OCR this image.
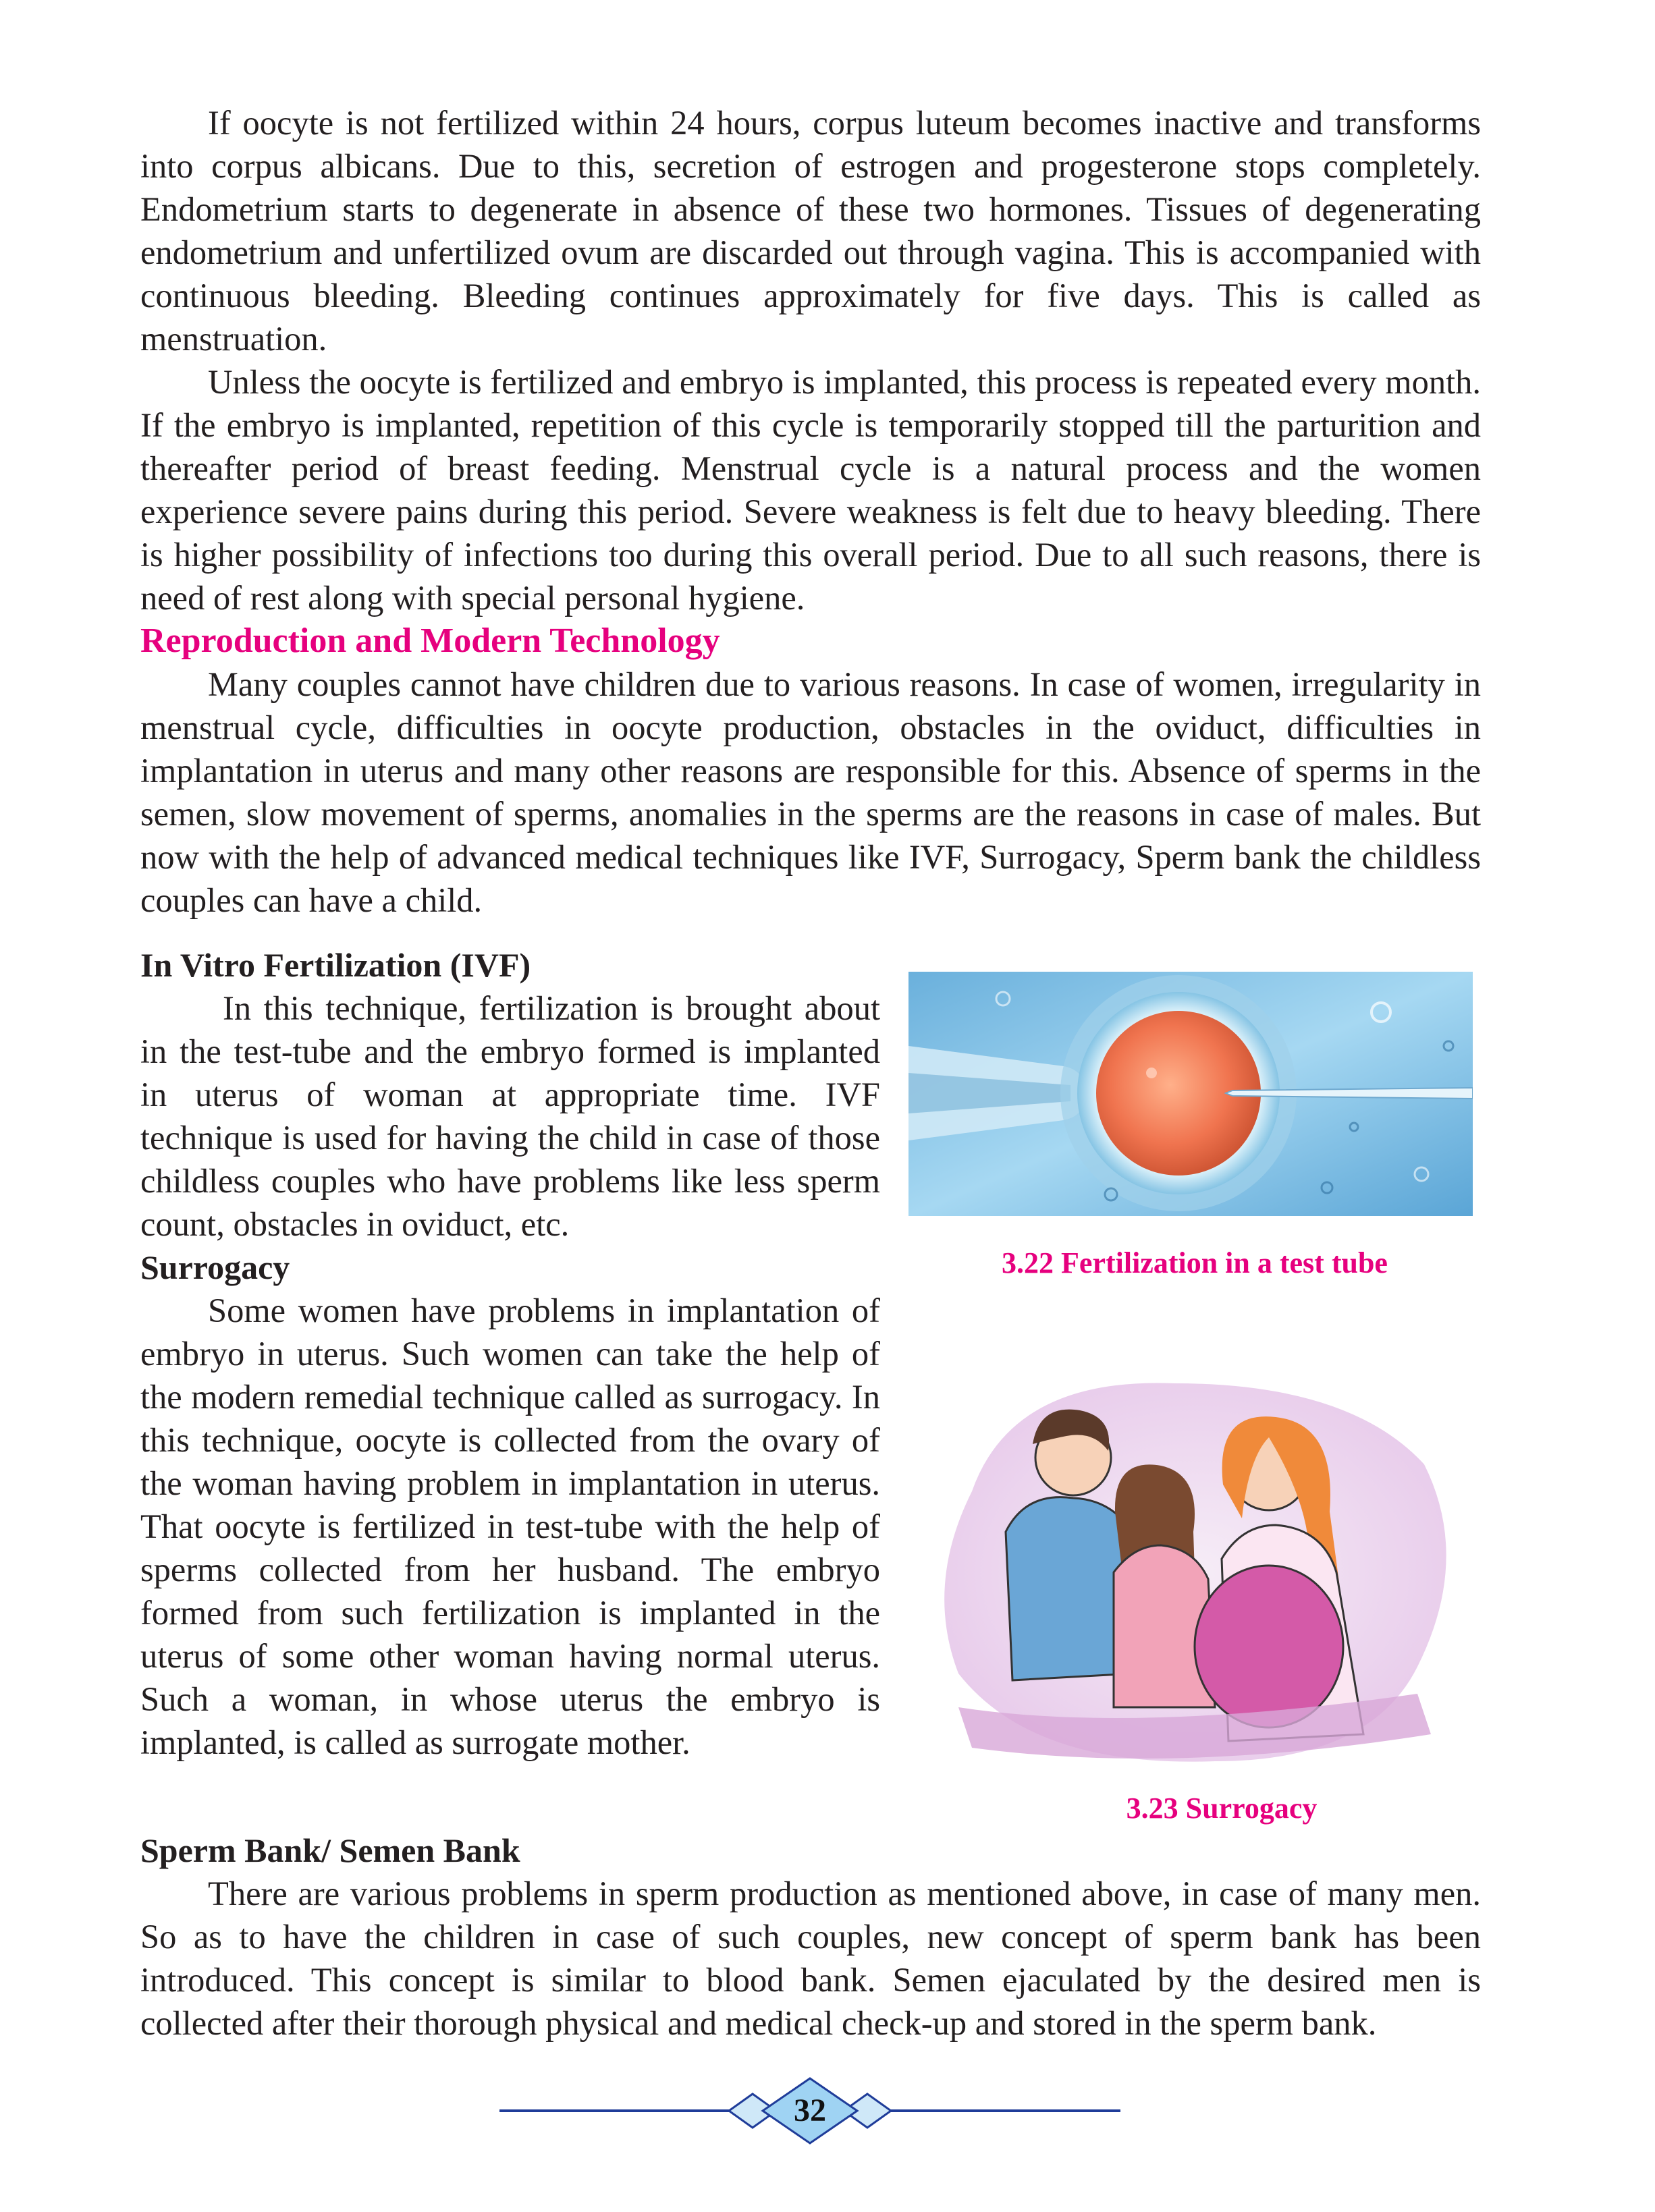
If oocyte is not fertilized within 24 hours, corpus luteum becomes inactive and transforms into corpus albicans. Due to this, secretion of estrogen and progesterone stops completely. Endometrium starts to degenerate in absence of these two hormones. Tissues of degenerating endometrium and unfertilized ovum are discarded out through vagina. This is accompanied with continuous bleeding. Bleeding continues approximately for five days. This is called as menstruation.

Unless the oocyte is fertilized and embryo is implanted, this process is repeated every month. If the embryo is implanted, repetition of this cycle is temporarily stopped till the parturition and thereafter period of breast feeding. Menstrual cycle is a natural process and the women experience severe pains during this period. Severe weakness is felt due to heavy bleeding. There is higher possibility of infections too during this overall period. Due to all such reasons, there is need of rest along with special personal hygiene.

Reproduction and Modern Technology

Many couples cannot have children due to various reasons. In case of women, irregularity in menstrual cycle, difficulties in oocyte production, obstacles in the oviduct, difficulties in implantation in uterus and many other reasons are responsible for this. Absence of sperms in the semen, slow movement of sperms, anomalies in the sperms are the reasons in case of males. But now with the help of advanced medical techniques like IVF, Surrogacy, Sperm bank the childless couples can have a child.

In Vitro Fertilization (IVF)

In this technique, fertilization is brought about in the test-tube and the embryo formed is implanted in uterus of woman at appropriate time. IVF technique is used for having the child in case of those childless couples who have problems like less sperm count, obstacles in oviduct, etc.

Surrogacy

Some women have problems in implantation of embryo in uterus. Such women can take the help of the modern remedial technique called as surrogacy. In this technique, oocyte is collected from the ovary of the woman having problem in implantation in uterus. That oocyte is fertilized in test-tube with the help of sperms collected from her husband. The embryo formed from such fertilization is implanted in the uterus of some other woman having normal uterus. Such a woman, in whose uterus the embryo is implanted, is called as surrogate mother.

3.22 Fertilization in a test tube
3.23 Surrogacy
Sperm Bank/ Semen Bank

There are various problems in sperm production as mentioned above, in case of many men. So as to have the children in case of such couples, new concept of sperm bank has been introduced. This concept is similar to blood bank. Semen ejaculated by the desired men is collected after their thorough physical and medical check-up and stored in the sperm bank.

32
